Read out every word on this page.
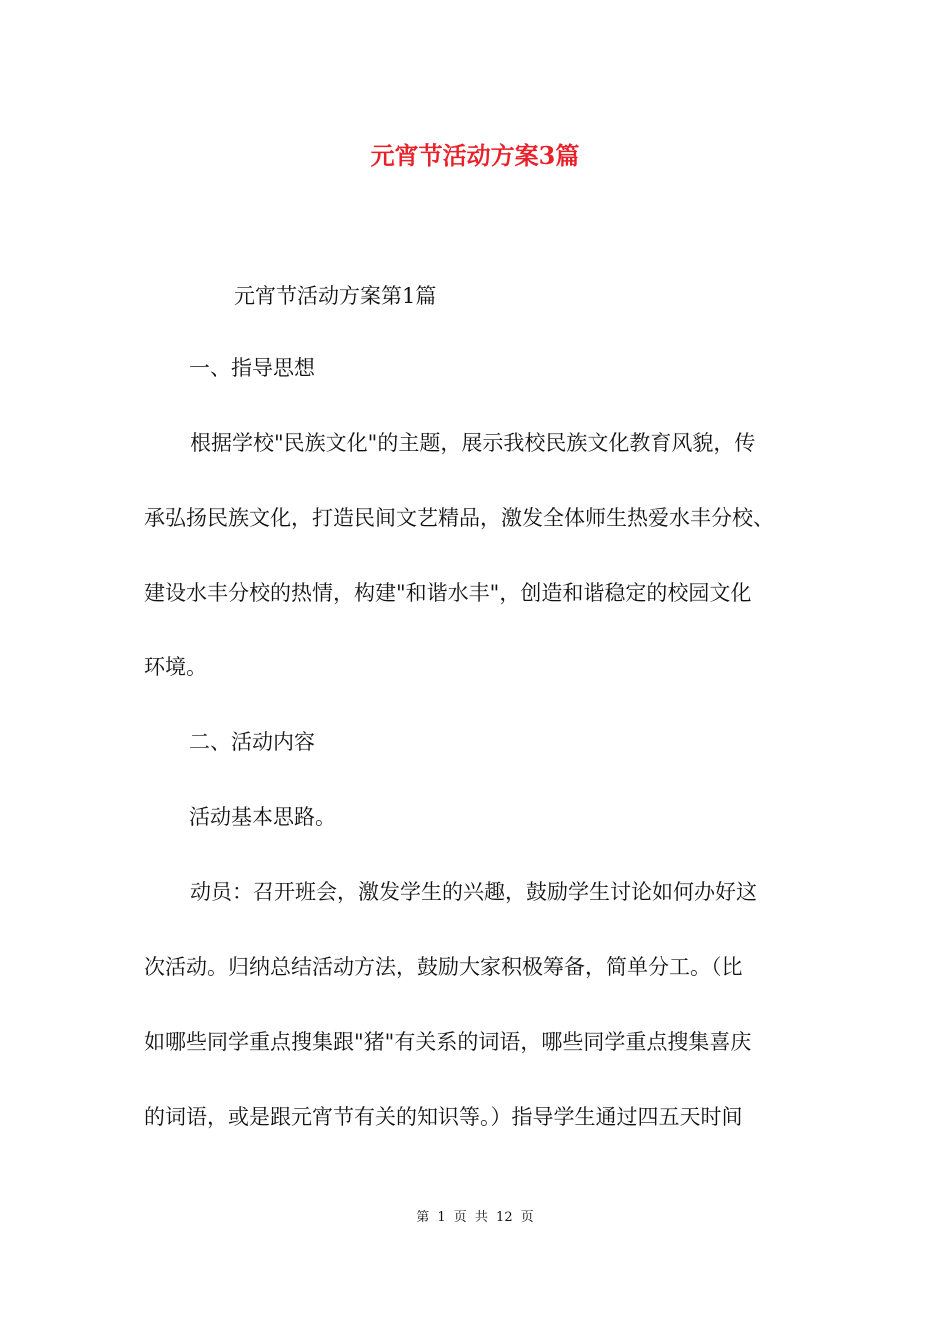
元宵节活动方案3篇
元宵节活动方案第1篇
一、指导思想
根据学校"民族文化"的主题，展示我校民族文化教育风貌，传
承弘扬民族文化，打造民间文艺精品，激发全体师生热爱水丰分校、
建设水丰分校的热情，构建"和谐水丰"，创造和谐稳定的校园文化
环境。
二、活动内容
活动基本思路。
动员：召开班会，激发学生的兴趣，鼓励学生讨论如何办好这
次活动。归纳总结活动方法，鼓励大家积极筹备，简单分工。（比
如哪些同学重点搜集跟"猪"有关系的词语，哪些同学重点搜集喜庆
的词语，或是跟元宵节有关的知识等。）指导学生通过四五天时间
第 1 页 共 12 页
